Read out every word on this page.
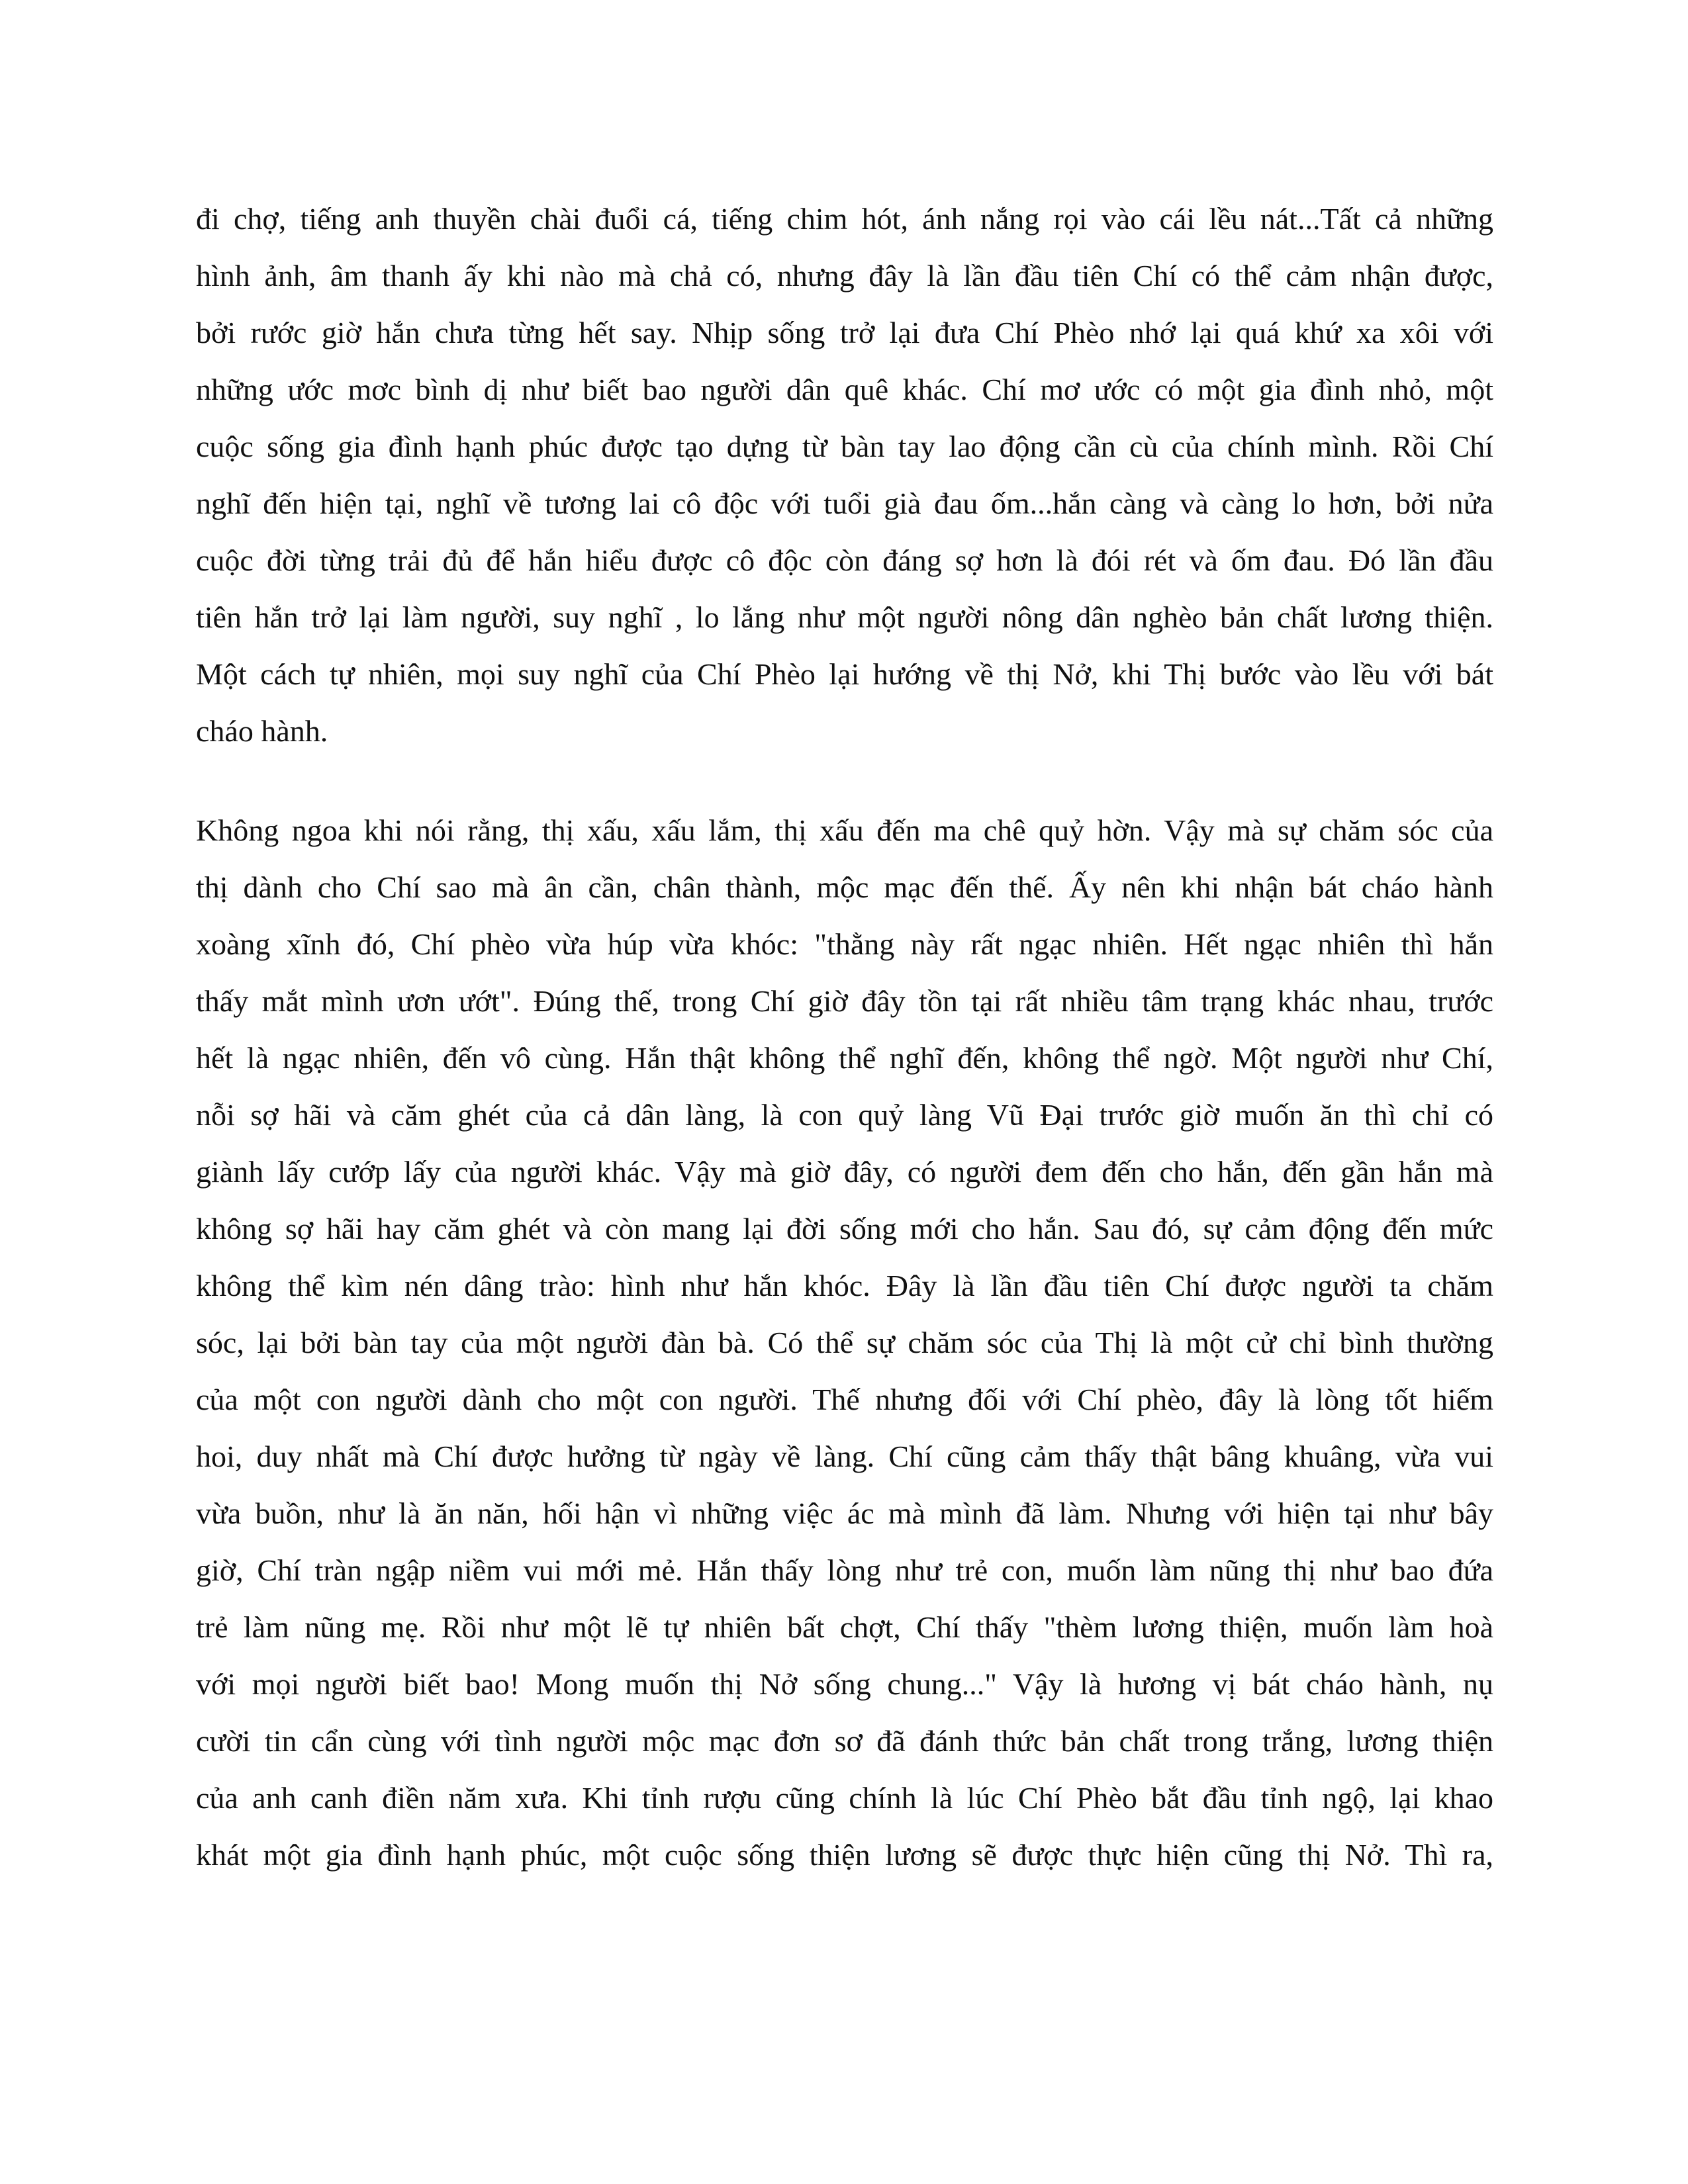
đi chợ, tiếng anh thuyền chài đuổi cá, tiếng chim hót, ánh nắng rọi vào cái lều nát...Tất cả những
hình ảnh, âm thanh ấy khi nào mà chả có, nhưng đây là lần đầu tiên Chí có thể cảm nhận được,
bởi rước giờ hắn chưa từng hết say. Nhịp sống trở lại đưa Chí Phèo nhớ lại quá khứ xa xôi với
những ước mơc bình dị như biết bao người dân quê khác. Chí mơ ước có một gia đình nhỏ, một
cuộc sống gia đình hạnh phúc được tạo dựng từ bàn tay lao động cần cù của chính mình. Rồi Chí
nghĩ đến hiện tại, nghĩ về tương lai cô độc với tuổi già đau ốm...hắn càng và càng lo hơn, bởi nửa
cuộc đời từng trải đủ để hắn hiểu được cô độc còn đáng sợ hơn là đói rét và ốm đau. Đó lần đầu
tiên hắn trở lại làm người, suy nghĩ , lo lắng như một người nông dân nghèo bản chất lương thiện.
Một cách tự nhiên, mọi suy nghĩ của Chí Phèo lại hướng về thị Nở, khi Thị bước vào lều với bát
cháo hành.
Không ngoa khi nói rằng, thị xấu, xấu lắm, thị xấu đến ma chê quỷ hờn. Vậy mà sự chăm sóc của
thị dành cho Chí sao mà ân cần, chân thành, mộc mạc đến thế. Ấy nên khi nhận bát cháo hành
xoàng xĩnh đó, Chí phèo vừa húp vừa khóc: "thằng này rất ngạc nhiên. Hết ngạc nhiên thì hắn
thấy mắt mình ươn ướt". Đúng thế, trong Chí giờ đây tồn tại rất nhiều tâm trạng khác nhau, trước
hết là ngạc nhiên, đến vô cùng. Hắn thật không thể nghĩ đến, không thể ngờ. Một người như Chí,
nỗi sợ hãi và căm ghét của cả dân làng, là con quỷ làng Vũ Đại trước giờ muốn ăn thì chỉ có
giành lấy cướp lấy của người khác. Vậy mà giờ đây, có người đem đến cho hắn, đến gần hắn mà
không sợ hãi hay căm ghét và còn mang lại đời sống mới cho hắn. Sau đó, sự cảm động đến mức
không thể kìm nén dâng trào: hình như hắn khóc. Đây là lần đầu tiên Chí được người ta chăm
sóc, lại bởi bàn tay của một người đàn bà. Có thể sự chăm sóc của Thị là một cử chỉ bình thường
của một con người dành cho một con người. Thế nhưng đối với Chí phèo, đây là lòng tốt hiếm
hoi, duy nhất mà Chí được hưởng từ ngày về làng. Chí cũng cảm thấy thật bâng khuâng, vừa vui
vừa buồn, như là ăn năn, hối hận vì những việc ác mà mình đã làm. Nhưng với hiện tại như bây
giờ, Chí tràn ngập niềm vui mới mẻ. Hắn thấy lòng như trẻ con, muốn làm nũng thị như bao đứa
trẻ làm nũng mẹ. Rồi như một lẽ tự nhiên bất chợt, Chí thấy "thèm lương thiện, muốn làm hoà
với mọi người biết bao! Mong muốn thị Nở sống chung..." Vậy là hương vị bát cháo hành, nụ
cười tin cẩn cùng với tình người mộc mạc đơn sơ đã đánh thức bản chất trong trắng, lương thiện
của anh canh điền năm xưa. Khi tỉnh rượu cũng chính là lúc Chí Phèo bắt đầu tỉnh ngộ, lại khao
khát một gia đình hạnh phúc, một cuộc sống thiện lương sẽ được thực hiện cũng thị Nở. Thì ra,
